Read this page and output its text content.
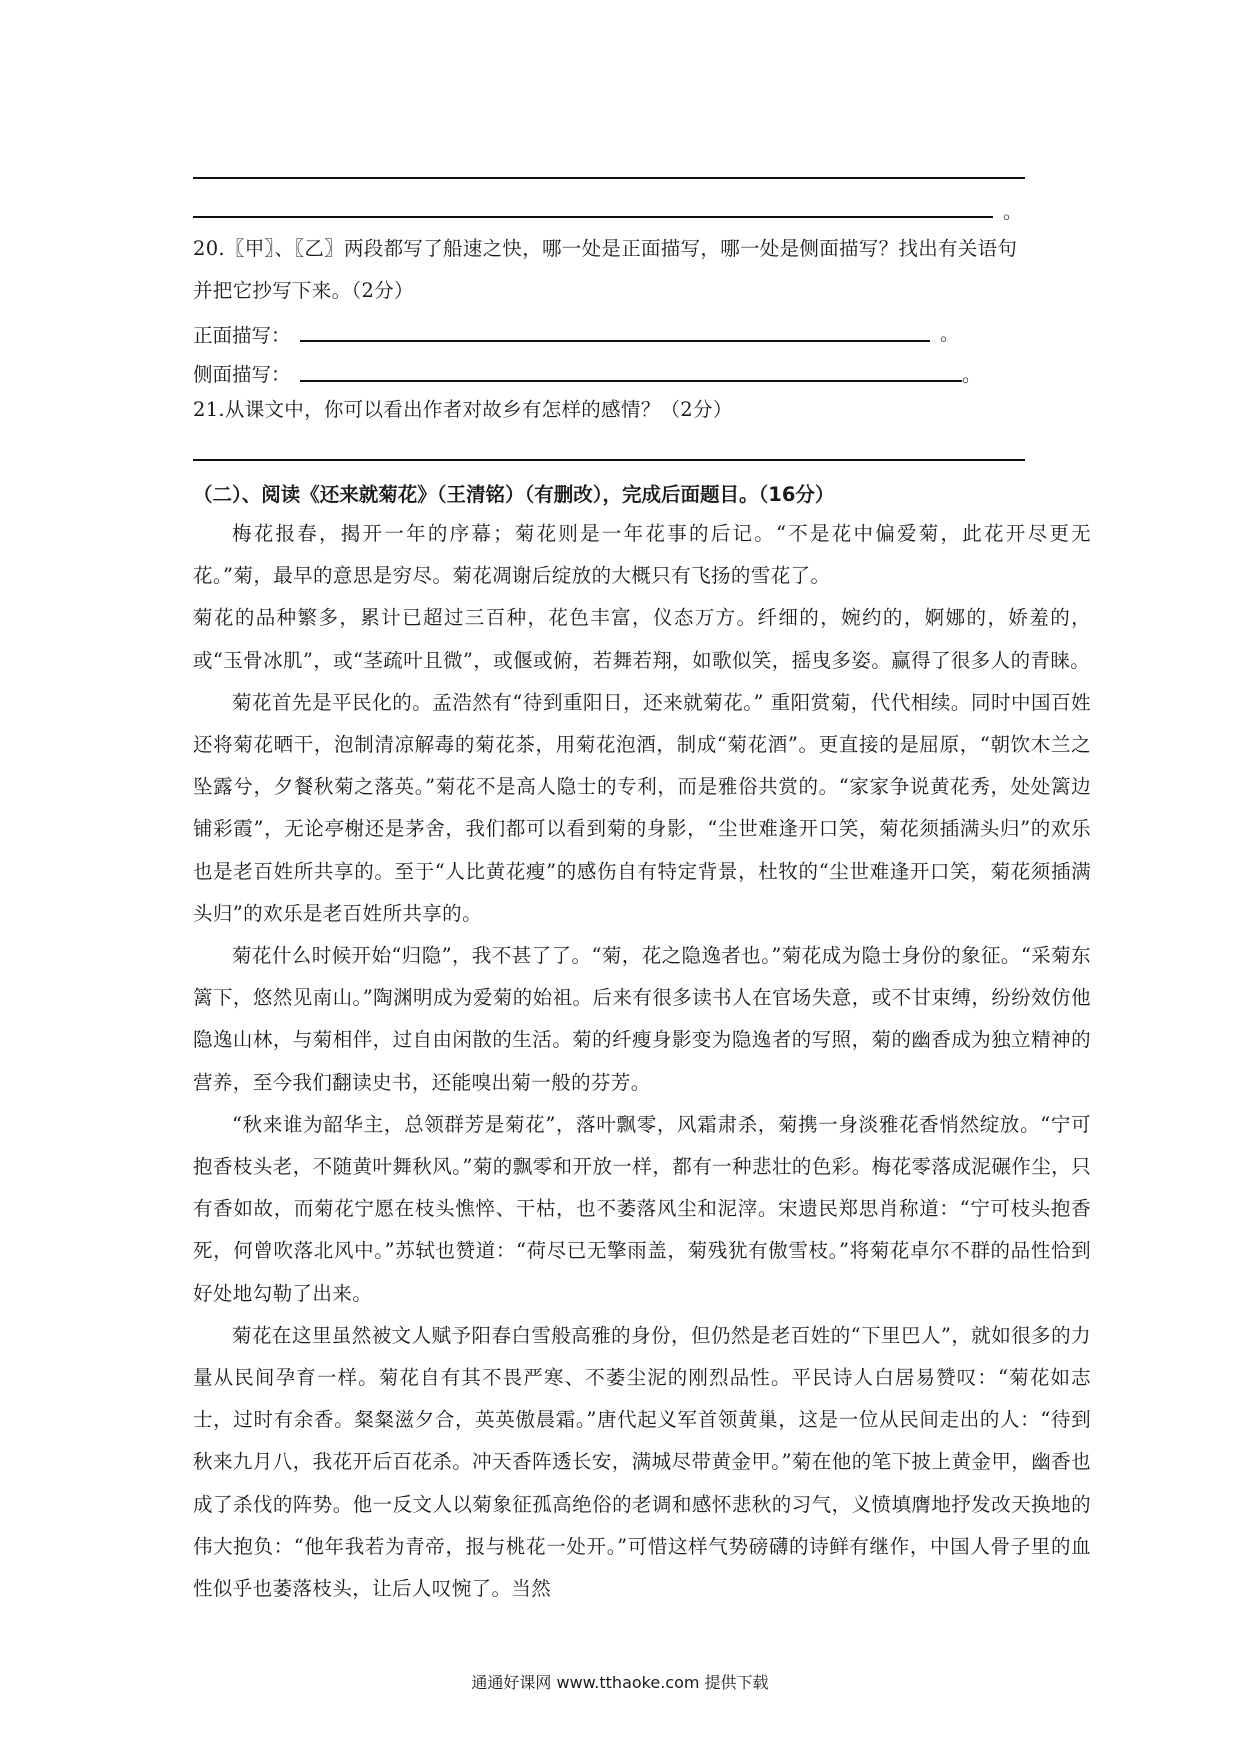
。
20.〖甲〗、〖乙〗两段都写了船速之快，哪一处是正面描写，哪一处是侧面描写？找出有关语句
并把它抄写下来。（2分）
正面描写：	。
侧面描写：	。
21.从课文中，你可以看出作者对故乡有怎样的感情？（2分）
（二）、阅读《还来就菊花》（王清铭）（有删改），完成后面题目。（16分）

梅花报春，揭开一年的序幕；菊花则是一年花事的后记。“不是花中偏爱菊，此花开尽更无花。”菊，最早的意思是穷尽。菊花凋谢后绽放的大概只有飞扬的雪花了。

菊花的品种繁多，累计已超过三百种，花色丰富，仪态万方。纤细的，婉约的，婀娜的，娇羞的，或“玉骨冰肌”，或“茎疏叶且微”，或偃或俯，若舞若翔，如歌似笑，摇曳多姿。赢得了很多人的青睐。

菊花首先是平民化的。孟浩然有“待到重阳日，还来就菊花。” 重阳赏菊，代代相续。同时中国百姓还将菊花晒干，泡制清凉解毒的菊花茶，用菊花泡酒，制成“菊花酒”。更直接的是屈原，“朝饮木兰之坠露兮，夕餐秋菊之落英。”菊花不是高人隐士的专利，而是雅俗共赏的。“家家争说黄花秀，处处篱边铺彩霞”，无论亭榭还是茅舍，我们都可以看到菊的身影，“尘世难逢开口笑，菊花须插满头归”的欢乐也是老百姓所共享的。至于“人比黄花瘦”的感伤自有特定背景，杜牧的“尘世难逢开口笑，菊花须插满头归”的欢乐是老百姓所共享的。

菊花什么时候开始“归隐”，我不甚了了。“菊，花之隐逸者也。”菊花成为隐士身份的象征。“采菊东篱下，悠然见南山。”陶渊明成为爱菊的始祖。后来有很多读书人在官场失意，或不甘束缚，纷纷效仿他隐逸山林，与菊相伴，过自由闲散的生活。菊的纤瘦身影变为隐逸者的写照，菊的幽香成为独立精神的营养，至今我们翻读史书，还能嗅出菊一般的芬芳。

“秋来谁为韶华主，总领群芳是菊花”，落叶飘零，风霜肃杀，菊携一身淡雅花香悄然绽放。“宁可抱香枝头老，不随黄叶舞秋风。”菊的飘零和开放一样，都有一种悲壮的色彩。梅花零落成泥碾作尘，只有香如故，而菊花宁愿在枝头憔悴、干枯，也不萎落风尘和泥滓。宋遗民郑思肖称道：“宁可枝头抱香死，何曾吹落北风中。”苏轼也赞道：“荷尽已无擎雨盖，菊残犹有傲雪枝。”将菊花卓尔不群的品性恰到好处地勾勒了出来。

菊花在这里虽然被文人赋予阳春白雪般高雅的身份，但仍然是老百姓的“下里巴人”，就如很多的力量从民间孕育一样。菊花自有其不畏严寒、不萎尘泥的刚烈品性。平民诗人白居易赞叹：“菊花如志士，过时有余香。粲粲滋夕合，英英傲晨霜。”唐代起义军首领黄巢，这是一位从民间走出的人：“待到秋来九月八，我花开后百花杀。冲天香阵透长安，满城尽带黄金甲。”菊在他的笔下披上黄金甲，幽香也成了杀伐的阵势。他一反文人以菊象征孤高绝俗的老调和感怀悲秋的习气，义愤填膺地抒发改天换地的伟大抱负：“他年我若为青帝，报与桃花一处开。”可惜这样气势磅礴的诗鲜有继作，中国人骨子里的血性似乎也萎落枝头，让后人叹惋了。当然

通通好课网 www.tthaoke.com 提供下载
